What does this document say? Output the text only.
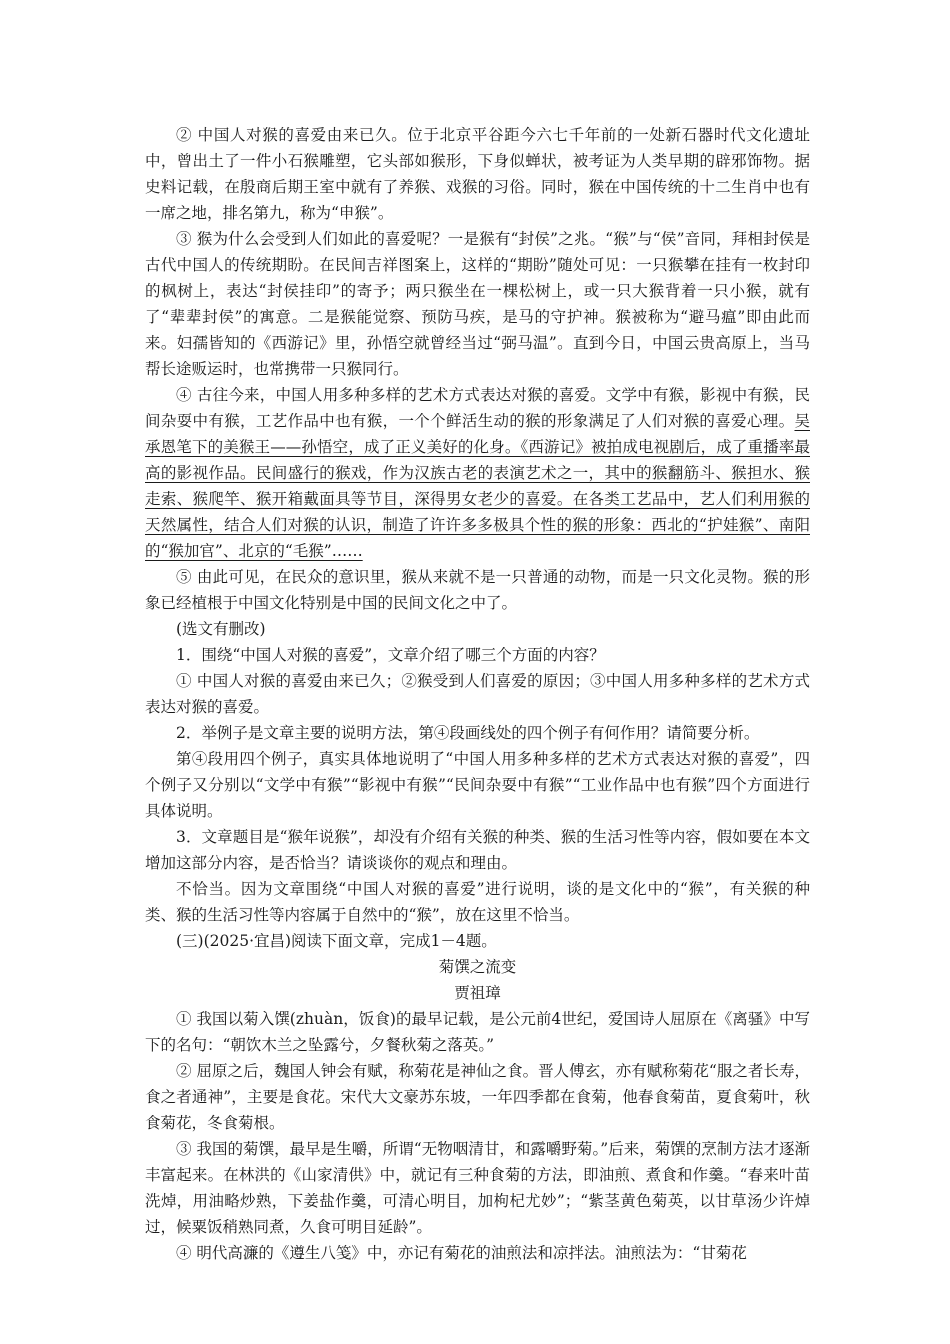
② 中国人对猴的喜爱由来已久。位于北京平谷距今六七千年前的一处新石器时代文化遗址中，曾出土了一件小石猴雕塑，它头部如猴形，下身似蝉状，被考证为人类早期的辟邪饰物。据史料记载，在殷商后期王室中就有了养猴、戏猴的习俗。同时，猴在中国传统的十二生肖中也有一席之地，排名第九，称为“申猴”。

③ 猴为什么会受到人们如此的喜爱呢？一是猴有“封侯”之兆。“猴”与“侯”音同，拜相封侯是古代中国人的传统期盼。在民间吉祥图案上，这样的“期盼”随处可见：一只猴攀在挂有一枚封印的枫树上，表达“封侯挂印”的寄予；两只猴坐在一棵松树上，或一只大猴背着一只小猴，就有了“辈辈封侯”的寓意。二是猴能觉察、预防马疾，是马的守护神。猴被称为“避马瘟”即由此而来。妇孺皆知的《西游记》里，孙悟空就曾经当过“弼马温”。直到今日，中国云贵高原上，当马帮长途贩运时，也常携带一只猴同行。

④ 古往今来，中国人用多种多样的艺术方式表达对猴的喜爱。文学中有猴，影视中有猴，民间杂耍中有猴，工艺作品中也有猴，一个个鲜活生动的猴的形象满足了人们对猴的喜爱心理。吴承恩笔下的美猴王——孙悟空，成了正义美好的化身。《西游记》被拍成电视剧后，成了重播率最高的影视作品。民间盛行的猴戏，作为汉族古老的表演艺术之一，其中的猴翻筋斗、猴担水、猴走索、猴爬竿、猴开箱戴面具等节目，深得男女老少的喜爱。在各类工艺品中，艺人们利用猴的天然属性，结合人们对猴的认识，制造了许许多多极具个性的猴的形象：西北的“护娃猴”、南阳的“猴加官”、北京的“毛猴”……

⑤ 由此可见，在民众的意识里，猴从来就不是一只普通的动物，而是一只文化灵物。猴的形象已经植根于中国文化特别是中国的民间文化之中了。

(选文有删改)

1．围绕“中国人对猴的喜爱”，文章介绍了哪三个方面的内容？

① 中国人对猴的喜爱由来已久；②猴受到人们喜爱的原因；③中国人用多种多样的艺术方式表达对猴的喜爱。

2．举例子是文章主要的说明方法，第④段画线处的四个例子有何作用？请简要分析。

第④段用四个例子，真实具体地说明了“中国人用多种多样的艺术方式表达对猴的喜爱”，四个例子又分别以“文学中有猴”“影视中有猴”“民间杂耍中有猴”“工业作品中也有猴”四个方面进行具体说明。

3．文章题目是“猴年说猴”，却没有介绍有关猴的种类、猴的生活习性等内容，假如要在本文增加这部分内容，是否恰当？请谈谈你的观点和理由。

不恰当。因为文章围绕“中国人对猴的喜爱”进行说明，谈的是文化中的“猴”，有关猴的种类、猴的生活习性等内容属于自然中的“猴”，放在这里不恰当。

(三)(2025·宜昌)阅读下面文章，完成1－4题。

菊馔之流变

贾祖璋

① 我国以菊入馔(zhuàn，饭食)的最早记载，是公元前4世纪，爱国诗人屈原在《离骚》中写下的名句：“朝饮木兰之坠露兮，夕餐秋菊之落英。”

② 屈原之后，魏国人钟会有赋，称菊花是神仙之食。晋人傅玄，亦有赋称菊花“服之者长寿，食之者通神”，主要是食花。宋代大文豪苏东坡，一年四季都在食菊，他春食菊苗，夏食菊叶，秋食菊花，冬食菊根。

③ 我国的菊馔，最早是生嚼，所谓“无物咽清甘，和露嚼野菊。”后来，菊馔的烹制方法才逐渐丰富起来。在林洪的《山家清供》中，就记有三种食菊的方法，即油煎、煮食和作羹。“春来叶苗洗焯，用油略炒熟，下姜盐作羹，可清心明目，加枸杞尤妙”；“紫茎黄色菊英，以甘草汤少许焯过，候粟饭稍熟同煮，久食可明目延龄”。

④ 明代高濂的《遵生八笺》中，亦记有菊花的油煎法和凉拌法。油煎法为：“甘菊花
